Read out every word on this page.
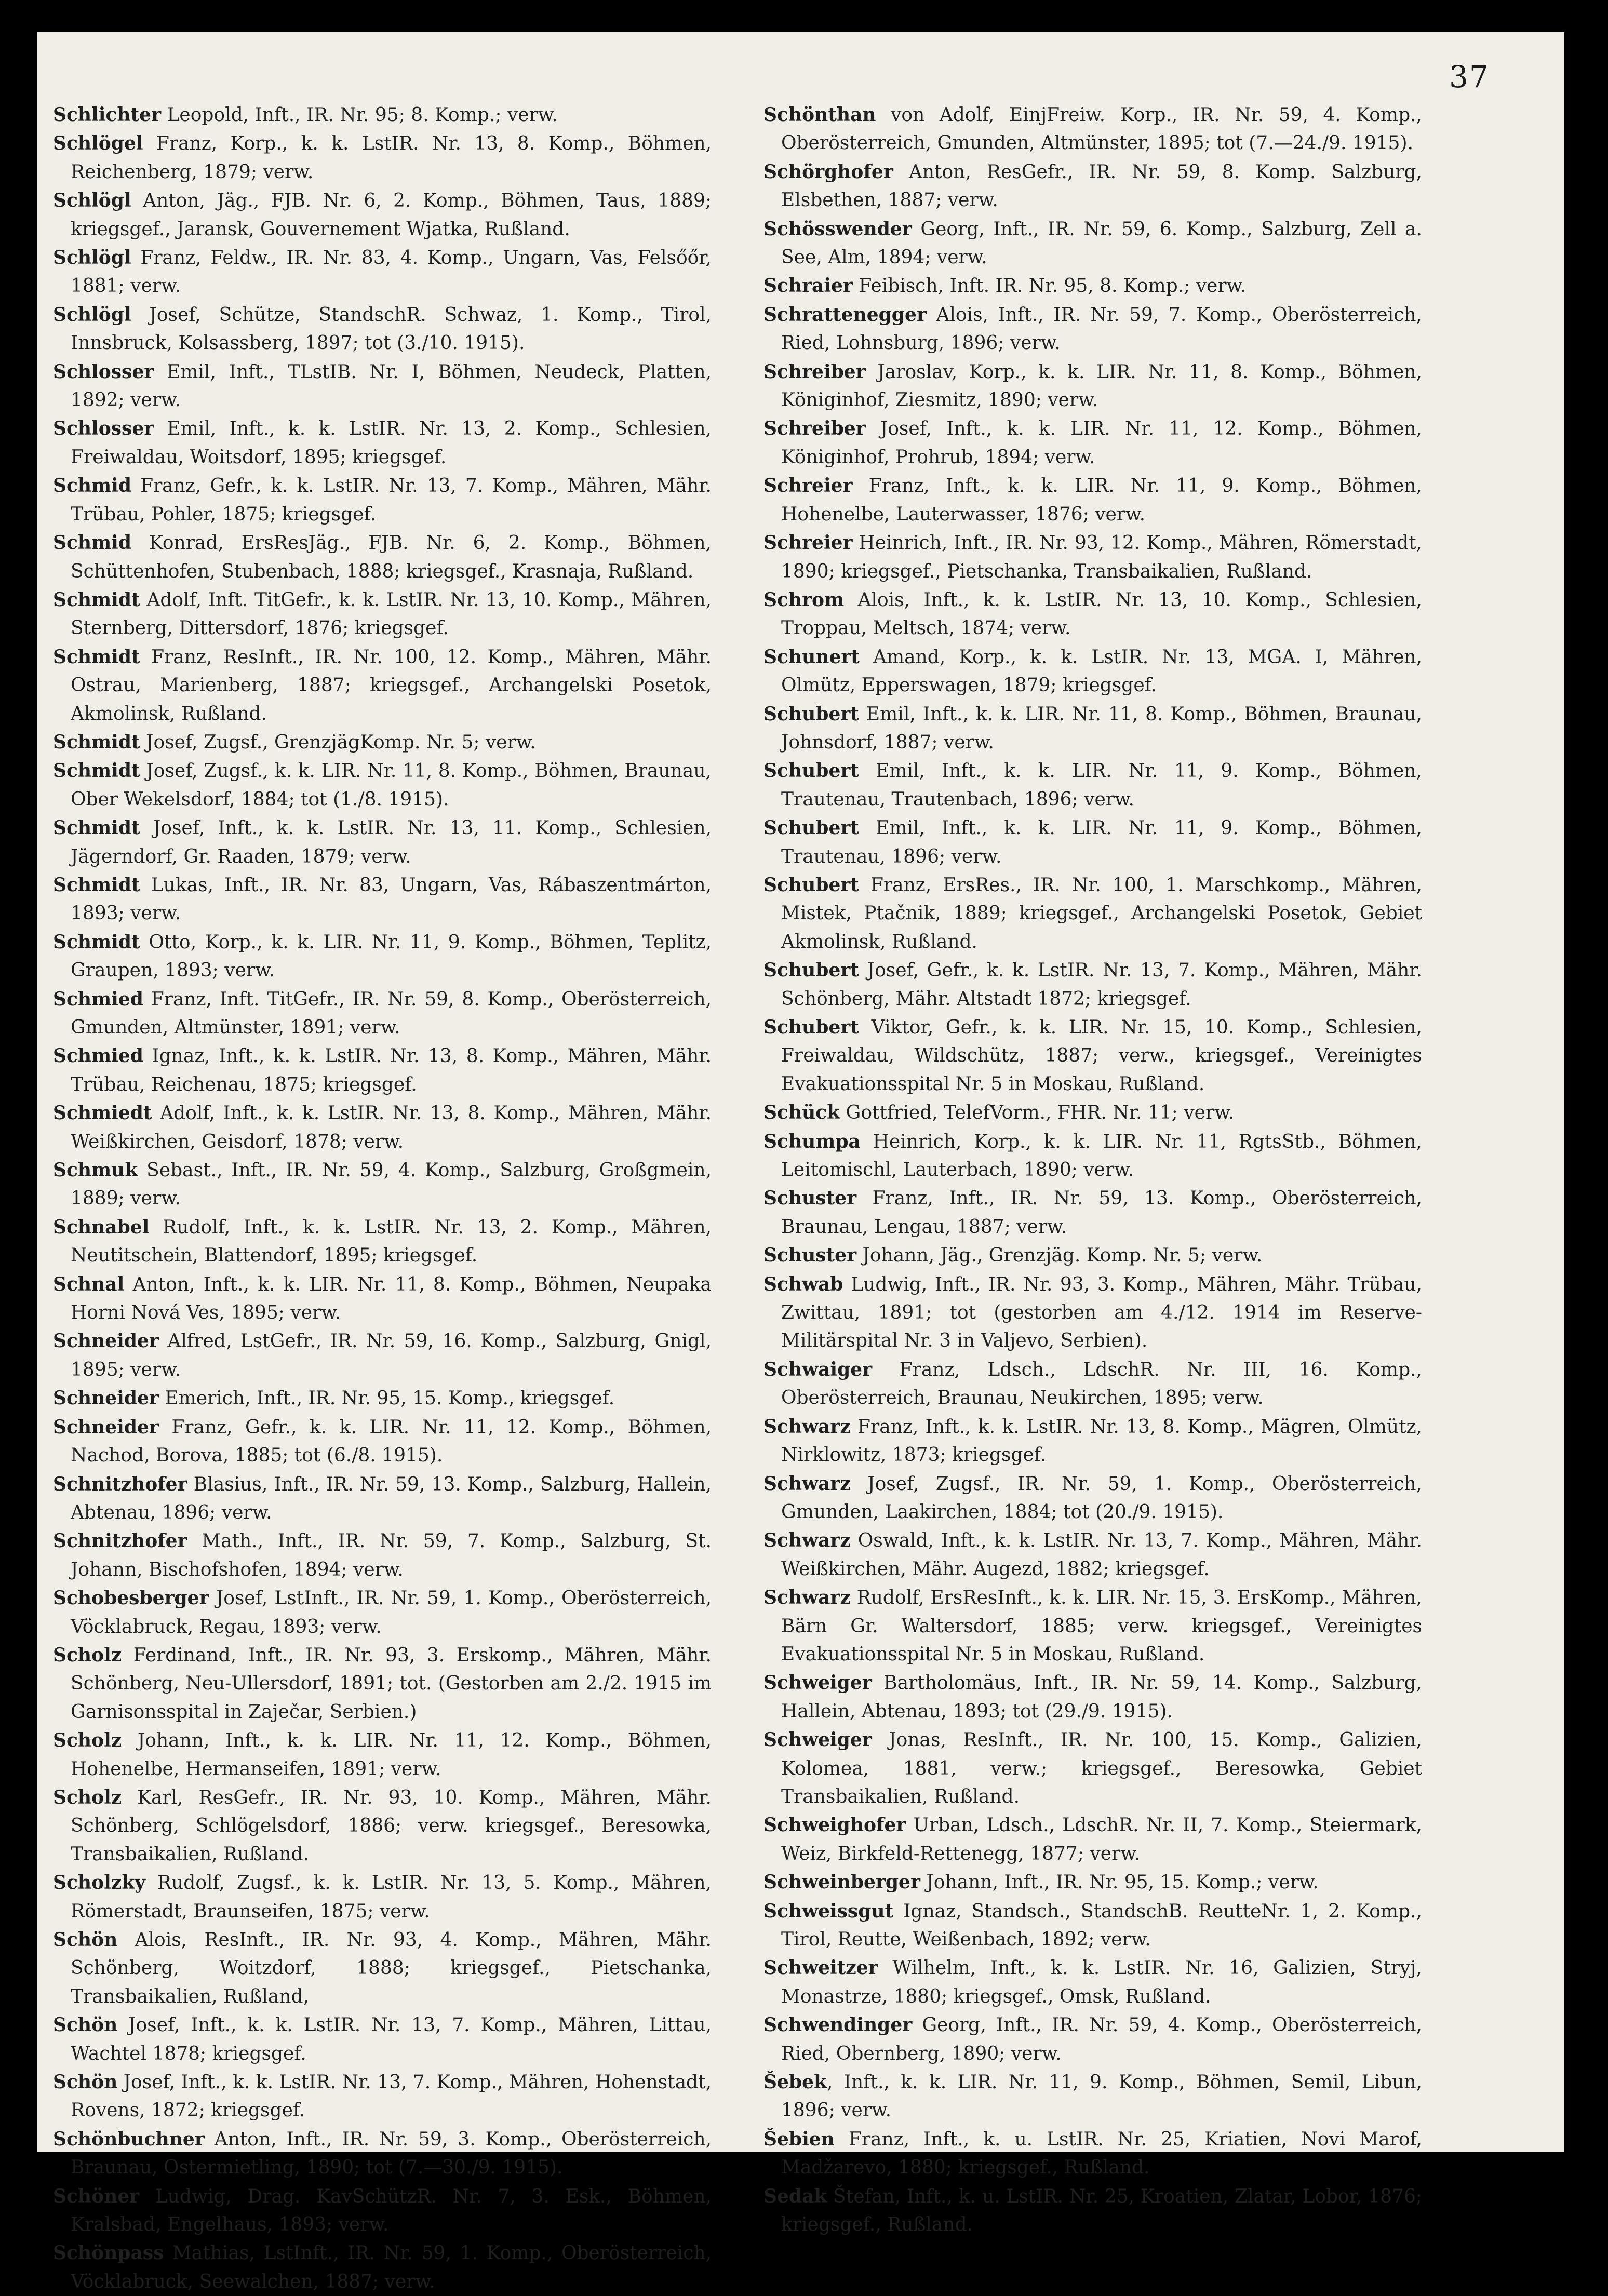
37

Schlichter Leopold, Inft., IR. Nr. 95; 8. Komp.; verw.

Schlögel Franz, Korp., k. k. LstIR. Nr. 13, 8. Komp., Böhmen, Reichenberg, 1879; verw.

Schlögl Anton, Jäg., FJB. Nr. 6, 2. Komp., Böhmen, Taus, 1889; kriegsgef., Jaransk, Gouvernement Wjatka, Rußland.

Schlögl Franz, Feldw., IR. Nr. 83, 4. Komp., Ungarn, Vas, Felsőőr, 1881; verw.

Schlögl Josef, Schütze, StandschR. Schwaz, 1. Komp., Tirol, Innsbruck, Kolsassberg, 1897; tot (3./10. 1915).

Schlosser Emil, Inft., TLstIB. Nr. I, Böhmen, Neudeck, Platten, 1892; verw.

Schlosser Emil, Inft., k. k. LstIR. Nr. 13, 2. Komp., Schlesien, Freiwaldau, Woitsdorf, 1895; kriegsgef.

Schmid Franz, Gefr., k. k. LstIR. Nr. 13, 7. Komp., Mähren, Mähr. Trübau, Pohler, 1875; kriegsgef.

Schmid Konrad, ErsResJäg., FJB. Nr. 6, 2. Komp., Böhmen, Schüttenhofen, Stubenbach, 1888; kriegsgef., Krasnaja, Rußland.

Schmidt Adolf, Inft. TitGefr., k. k. LstIR. Nr. 13, 10. Komp., Mähren, Sternberg, Dittersdorf, 1876; kriegsgef.

Schmidt Franz, ResInft., IR. Nr. 100, 12. Komp., Mähren, Mähr. Ostrau, Marienberg, 1887; kriegsgef., Archangelski Posetok, Akmolinsk, Rußland.

Schmidt Josef, Zugsf., GrenzjägKomp. Nr. 5; verw.

Schmidt Josef, Zugsf., k. k. LIR. Nr. 11, 8. Komp., Böhmen, Braunau, Ober Wekelsdorf, 1884; tot (1./8. 1915).

Schmidt Josef, Inft., k. k. LstIR. Nr. 13, 11. Komp., Schlesien, Jägerndorf, Gr. Raaden, 1879; verw.

Schmidt Lukas, Inft., IR. Nr. 83, Ungarn, Vas, Rábaszentmárton, 1893; verw.

Schmidt Otto, Korp., k. k. LIR. Nr. 11, 9. Komp., Böhmen, Teplitz, Graupen, 1893; verw.

Schmied Franz, Inft. TitGefr., IR. Nr. 59, 8. Komp., Oberösterreich, Gmunden, Altmünster, 1891; verw.

Schmied Ignaz, Inft., k. k. LstIR. Nr. 13, 8. Komp., Mähren, Mähr. Trübau, Reichenau, 1875; kriegsgef.

Schmiedt Adolf, Inft., k. k. LstIR. Nr. 13, 8. Komp., Mähren, Mähr. Weißkirchen, Geisdorf, 1878; verw.

Schmuk Sebast., Inft., IR. Nr. 59, 4. Komp., Salzburg, Großgmein, 1889; verw.

Schnabel Rudolf, Inft., k. k. LstIR. Nr. 13, 2. Komp., Mähren, Neutitschein, Blattendorf, 1895; kriegsgef.

Schnal Anton, Inft., k. k. LIR. Nr. 11, 8. Komp., Böhmen, Neupaka Horni Nová Ves, 1895; verw.

Schneider Alfred, LstGefr., IR. Nr. 59, 16. Komp., Salzburg, Gnigl, 1895; verw.

Schneider Emerich, Inft., IR. Nr. 95, 15. Komp., kriegsgef.

Schneider Franz, Gefr., k. k. LIR. Nr. 11, 12. Komp., Böhmen, Nachod, Borova, 1885; tot (6./8. 1915).

Schnitzhofer Blasius, Inft., IR. Nr. 59, 13. Komp., Salzburg, Hallein, Abtenau, 1896; verw.

Schnitzhofer Math., Inft., IR. Nr. 59, 7. Komp., Salzburg, St. Johann, Bischofshofen, 1894; verw.

Schobesberger Josef, LstInft., IR. Nr. 59, 1. Komp., Oberösterreich, Vöcklabruck, Regau, 1893; verw.

Scholz Ferdinand, Inft., IR. Nr. 93, 3. Erskomp., Mähren, Mähr. Schönberg, Neu-Ullersdorf, 1891; tot. (Gestorben am 2./2. 1915 im Garnisonsspital in Zaječar, Serbien.)

Scholz Johann, Inft., k. k. LIR. Nr. 11, 12. Komp., Böhmen, Hohenelbe, Hermanseifen, 1891; verw.

Scholz Karl, ResGefr., IR. Nr. 93, 10. Komp., Mähren, Mähr. Schönberg, Schlögelsdorf, 1886; verw. kriegsgef., Beresowka, Transbaikalien, Rußland.

Scholzky Rudolf, Zugsf., k. k. LstIR. Nr. 13, 5. Komp., Mähren, Römerstadt, Braunseifen, 1875; verw.

Schön Alois, ResInft., IR. Nr. 93, 4. Komp., Mähren, Mähr. Schönberg, Woitzdorf, 1888; kriegsgef., Pietschanka, Transbaikalien, Rußland,

Schön Josef, Inft., k. k. LstIR. Nr. 13, 7. Komp., Mähren, Littau, Wachtel 1878; kriegsgef.

Schön Josef, Inft., k. k. LstIR. Nr. 13, 7. Komp., Mähren, Hohenstadt, Rovens, 1872; kriegsgef.

Schönbuchner Anton, Inft., IR. Nr. 59, 3. Komp., Oberösterreich, Braunau, Ostermietling, 1890; tot (7.—30./9. 1915).

Schöner Ludwig, Drag. KavSchützR. Nr. 7, 3. Esk., Böhmen, Kralsbad, Engelhaus, 1893; verw.

Schönpass Mathias, LstInft., IR. Nr. 59, 1. Komp., Oberösterreich, Vöcklabruck, Seewalchen, 1887; verw.

Schönthan von Adolf, EinjFreiw. Korp., IR. Nr. 59, 4. Komp., Oberösterreich, Gmunden, Altmünster, 1895; tot (7.—24./9. 1915).

Schörghofer Anton, ResGefr., IR. Nr. 59, 8. Komp. Salzburg, Elsbethen, 1887; verw.

Schösswender Georg, Inft., IR. Nr. 59, 6. Komp., Salzburg, Zell a. See, Alm, 1894; verw.

Schraier Feibisch, Inft. IR. Nr. 95, 8. Komp.; verw.

Schrattenegger Alois, Inft., IR. Nr. 59, 7. Komp., Oberösterreich, Ried, Lohnsburg, 1896; verw.

Schreiber Jaroslav, Korp., k. k. LIR. Nr. 11, 8. Komp., Böhmen, Königinhof, Ziesmitz, 1890; verw.

Schreiber Josef, Inft., k. k. LIR. Nr. 11, 12. Komp., Böhmen, Königinhof, Prohrub, 1894; verw.

Schreier Franz, Inft., k. k. LIR. Nr. 11, 9. Komp., Böhmen, Hohenelbe, Lauterwasser, 1876; verw.

Schreier Heinrich, Inft., IR. Nr. 93, 12. Komp., Mähren, Römerstadt, 1890; kriegsgef., Pietschanka, Transbaikalien, Rußland.

Schrom Alois, Inft., k. k. LstIR. Nr. 13, 10. Komp., Schlesien, Troppau, Meltsch, 1874; verw.

Schunert Amand, Korp., k. k. LstIR. Nr. 13, MGA. I, Mähren, Olmütz, Epperswagen, 1879; kriegsgef.

Schubert Emil, Inft., k. k. LIR. Nr. 11, 8. Komp., Böhmen, Braunau, Johnsdorf, 1887; verw.

Schubert Emil, Inft., k. k. LIR. Nr. 11, 9. Komp., Böhmen, Trautenau, Trautenbach, 1896; verw.

Schubert Emil, Inft., k. k. LIR. Nr. 11, 9. Komp., Böhmen, Trautenau, 1896; verw.

Schubert Franz, ErsRes., IR. Nr. 100, 1. Marschkomp., Mähren, Mistek, Ptačnik, 1889; kriegsgef., Archangelski Posetok, Gebiet Akmolinsk, Rußland.

Schubert Josef, Gefr., k. k. LstIR. Nr. 13, 7. Komp., Mähren, Mähr. Schönberg, Mähr. Altstadt 1872; kriegsgef.

Schubert Viktor, Gefr., k. k. LIR. Nr. 15, 10. Komp., Schlesien, Freiwaldau, Wildschütz, 1887; verw., kriegsgef., Vereinigtes Evakuationsspital Nr. 5 in Moskau, Rußland.

Schück Gottfried, TelefVorm., FHR. Nr. 11; verw.

Schumpa Heinrich, Korp., k. k. LIR. Nr. 11, RgtsStb., Böhmen, Leitomischl, Lauterbach, 1890; verw.

Schuster Franz, Inft., IR. Nr. 59, 13. Komp., Oberösterreich, Braunau, Lengau, 1887; verw.

Schuster Johann, Jäg., Grenzjäg. Komp. Nr. 5; verw.

Schwab Ludwig, Inft., IR. Nr. 93, 3. Komp., Mähren, Mähr. Trübau, Zwittau, 1891; tot (gestorben am 4./12. 1914 im Reserve-Militärspital Nr. 3 in Valjevo, Serbien).

Schwaiger Franz, Ldsch., LdschR. Nr. III, 16. Komp., Oberösterreich, Braunau, Neukirchen, 1895; verw.

Schwarz Franz, Inft., k. k. LstIR. Nr. 13, 8. Komp., Mägren, Olmütz, Nirklowitz, 1873; kriegsgef.

Schwarz Josef, Zugsf., IR. Nr. 59, 1. Komp., Oberösterreich, Gmunden, Laakirchen, 1884; tot (20./9. 1915).

Schwarz Oswald, Inft., k. k. LstIR. Nr. 13, 7. Komp., Mähren, Mähr. Weißkirchen, Mähr. Augezd, 1882; kriegsgef.

Schwarz Rudolf, ErsResInft., k. k. LIR. Nr. 15, 3. ErsKomp., Mähren, Bärn Gr. Waltersdorf, 1885; verw. kriegsgef., Vereinigtes Evakuationsspital Nr. 5 in Moskau, Rußland.

Schweiger Bartholomäus, Inft., IR. Nr. 59, 14. Komp., Salzburg, Hallein, Abtenau, 1893; tot (29./9. 1915).

Schweiger Jonas, ResInft., IR. Nr. 100, 15. Komp., Galizien, Kolomea, 1881, verw.; kriegsgef., Beresowka, Gebiet Transbaikalien, Rußland.

Schweighofer Urban, Ldsch., LdschR. Nr. II, 7. Komp., Steiermark, Weiz, Birkfeld-Rettenegg, 1877; verw.

Schweinberger Johann, Inft., IR. Nr. 95, 15. Komp.; verw.

Schweissgut Ignaz, Standsch., StandschB. ReutteNr. 1, 2. Komp., Tirol, Reutte, Weißenbach, 1892; verw.

Schweitzer Wilhelm, Inft., k. k. LstIR. Nr. 16, Galizien, Stryj, Monastrze, 1880; kriegsgef., Omsk, Rußland.

Schwendinger Georg, Inft., IR. Nr. 59, 4. Komp., Oberösterreich, Ried, Obernberg, 1890; verw.

Šebek, Inft., k. k. LIR. Nr. 11, 9. Komp., Böhmen, Semil, Libun, 1896; verw.

Šebien Franz, Inft., k. u. LstIR. Nr. 25, Kriatien, Novi Marof, Madžarevo, 1880; kriegsgef., Rußland.

Sedak Štefan, Inft., k. u. LstIR. Nr. 25, Kroatien, Zlatar, Lobor, 1876; kriegsgef., Rußland.
